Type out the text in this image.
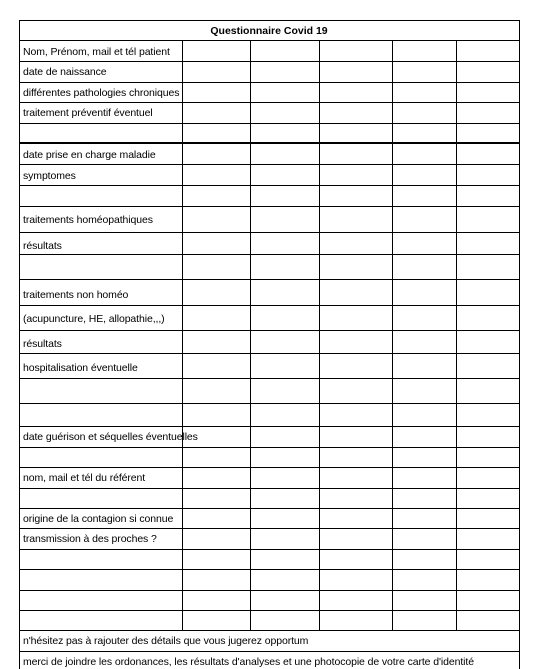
Questionnaire Covid 19
Nom, Prénom, mail et tél patient
date de naissance
différentes pathologies chroniques
traitement préventif éventuel
date prise en charge maladie
symptomes
traitements homéopathiques
résultats
traitements non homéo
(acupuncture, HE, allopathie,,,)
résultats
hospitalisation éventuelle
date guérison et séquelles éventuelles
nom, mail et tél du référent
origine de la contagion si connue
transmission à des proches ?
n'hésitez pas à rajouter des détails que vous jugerez opportum
merci de joindre les ordonances, les résultats d'analyses et une photocopie de votre carte d'identité
